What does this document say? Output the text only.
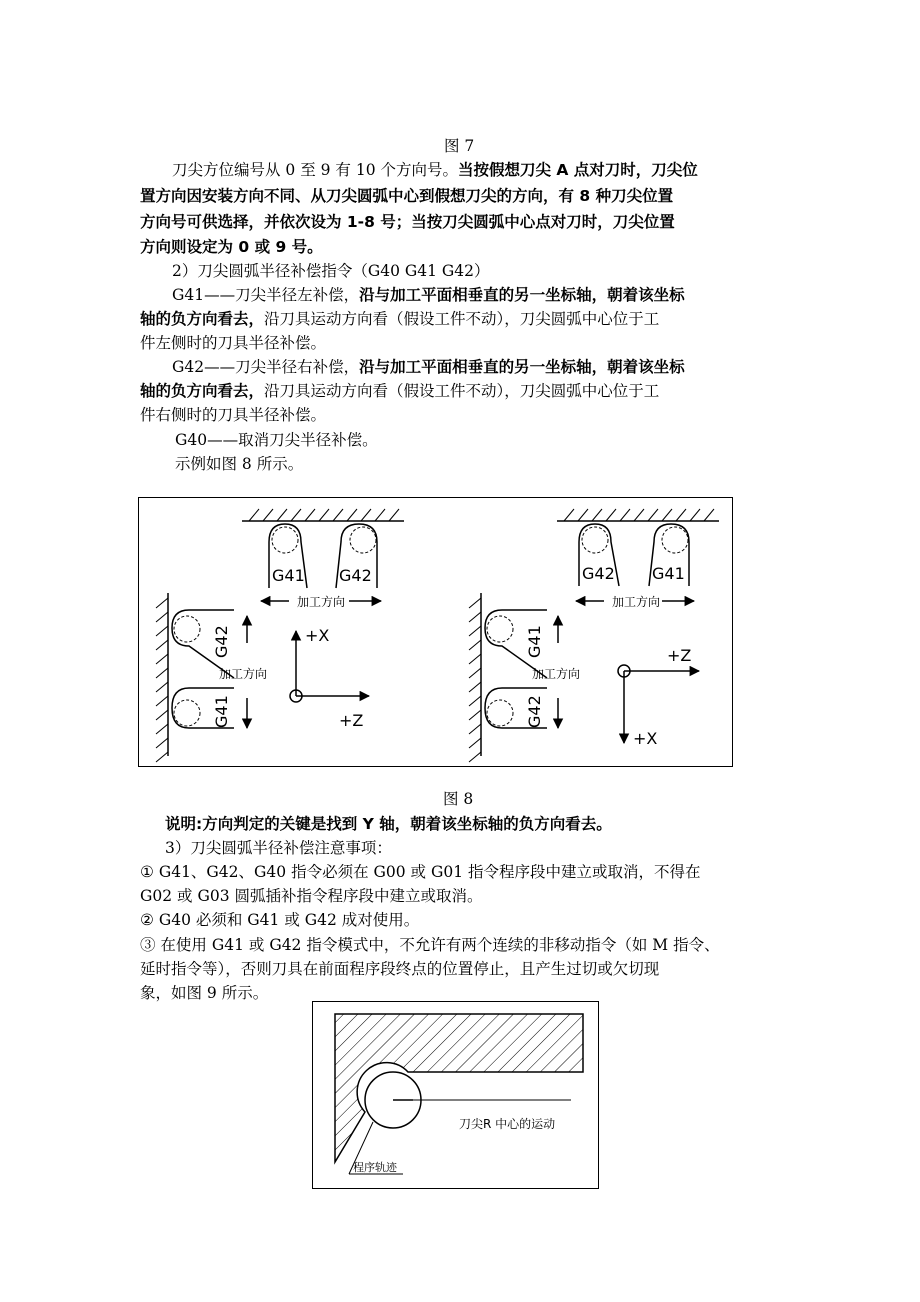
图 7
刀尖方位编号从 0 至 9 有 10 个方向号。当按假想刀尖 A 点对刀时，刀尖位
置方向因安装方向不同、从刀尖圆弧中心到假想刀尖的方向，有 8 种刀尖位置
方向号可供选择，并依次设为 1-8 号；当按刀尖圆弧中心点对刀时，刀尖位置
方向则设定为 0 或 9 号。
2）刀尖圆弧半径补偿指令（G40 G41 G42）
G41——刀尖半径左补偿，沿与加工平面相垂直的另一坐标轴，朝着该坐标
轴的负方向看去，沿刀具运动方向看（假设工件不动），刀尖圆弧中心位于工
件左侧时的刀具半径补偿。
G42——刀尖半径右补偿，沿与加工平面相垂直的另一坐标轴，朝着该坐标
轴的负方向看去，沿刀具运动方向看（假设工件不动），刀尖圆弧中心位于工
件右侧时的刀具半径补偿。
G40——取消刀尖半径补偿。
示例如图 8 所示。
G41 G42
加工方向
G42
G41
加工方向
+X
+Z
G42 G41
加工方向
G41
G42
加工方向
+Z
+X
图 8
说明:方向判定的关键是找到 Y 轴，朝着该坐标轴的负方向看去。
3）刀尖圆弧半径补偿注意事项：
① G41、G42、G40 指令必须在 G00 或 G01 指令程序段中建立或取消，不得在
G02 或 G03 圆弧插补指令程序段中建立或取消。
② G40 必须和 G41 或 G42 成对使用。
③ 在使用 G41 或 G42 指令模式中，不允许有两个连续的非移动指令（如 M 指令、
延时指令等），否则刀具在前面程序段终点的位置停止，且产生过切或欠切现
象，如图 9 所示。
刀尖R 中心的运动
程序轨迹
